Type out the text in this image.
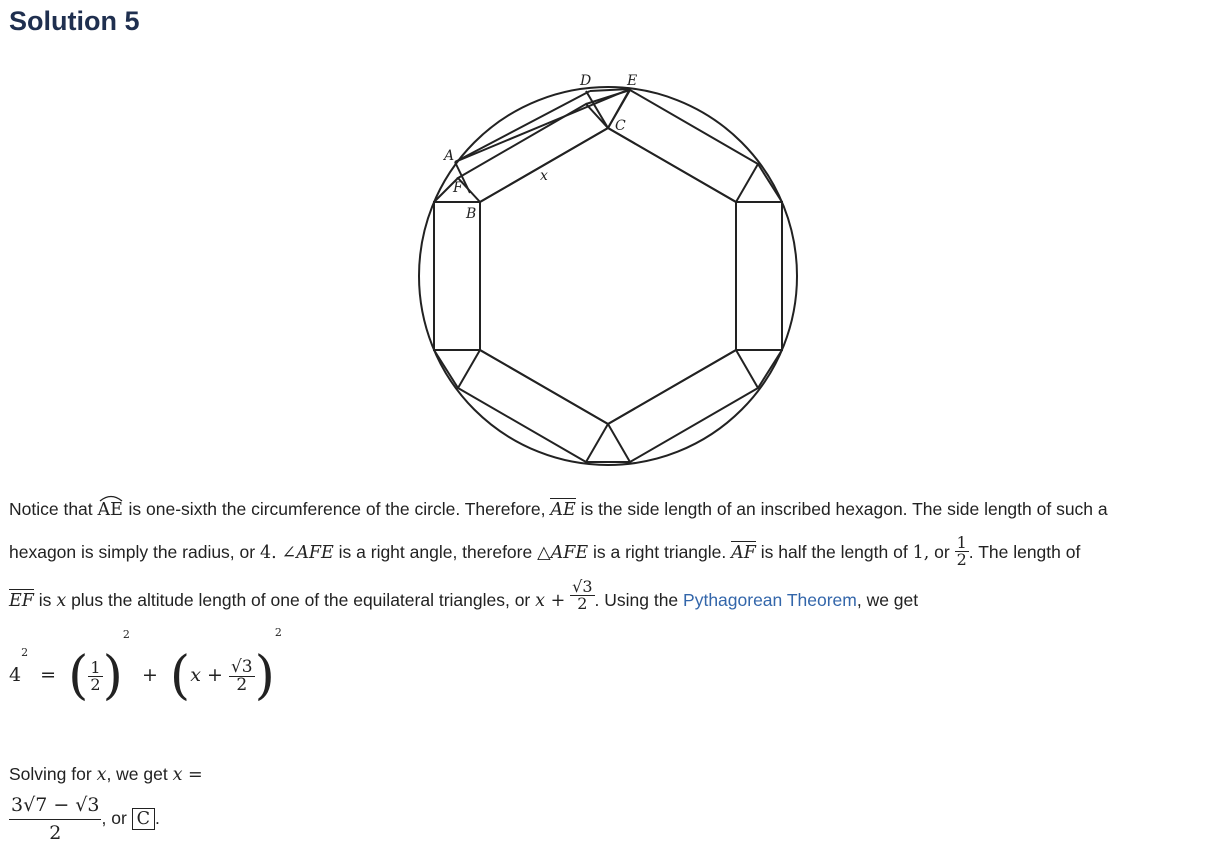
Solution 5
A
B
C
D	E
F
x
Notice that AE is one-sixth the circumference of the circle. Therefore, AE is the side length of an inscribed hexagon. The side length of such a
hexagon is simply the radius, or 4. ∠AFE is a right angle, therefore △AFE is a right triangle. AF is half the length of 1, or $\frac{1}{2}$ . The length of
EF is x plus the altitude length of one of the equilateral triangles, or $x + \frac{√3}{2}$ . Using the Pythagorean Theorem, we get
$4^2$ = ( $\frac{1}{2} )^2 + (x + \frac{√3}{2} )^2$
Solving for x, we get x =
$\frac{3√7 - √3}{2}$ , or C .
